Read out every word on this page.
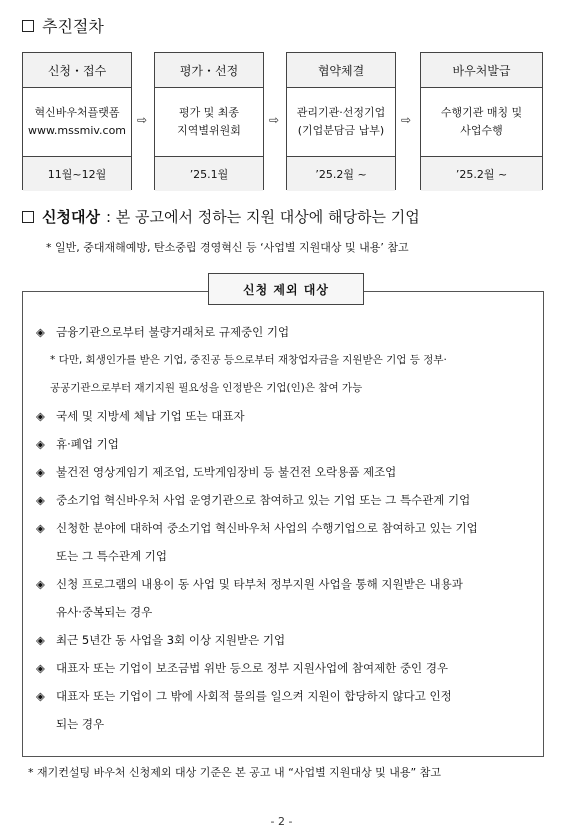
추진절차
신청・접수
혁신바우처플랫폼
www.mssmiv.com
11월~12월
⇨
평가・선정
평가 및 최종
지역별위원회
’25.1월
⇨
협약체결
관리기관·선정기업
(기업분담금 납부)
’25.2월 ~
⇨
바우처발급
수행기관 매칭 및
사업수행
’25.2월 ~
신청대상 : 본 공고에서 정하는 지원 대상에 해당하는 기업
* 일반, 중대재해예방, 탄소중립 경영혁신 등 ‘사업별 지원대상 및 내용’ 참고
신청 제외 대상
◈ 금융기관으로부터 불량거래처로 규제중인 기업
* 다만, 회생인가를 받은 기업, 중진공 등으로부터 재창업자금을 지원받은 기업 등 정부·
공공기관으로부터 재기지원 필요성을 인정받은 기업(인)은 참여 가능
◈ 국세 및 지방세 체납 기업 또는 대표자
◈ 휴·폐업 기업
◈ 불건전 영상게임기 제조업, 도박게임장비 등 불건전 오락용품 제조업
◈ 중소기업 혁신바우처 사업 운영기관으로 참여하고 있는 기업 또는 그 특수관계 기업
◈ 신청한 분야에 대하여 중소기업 혁신바우처 사업의 수행기업으로 참여하고 있는 기업
또는 그 특수관계 기업
◈ 신청 프로그램의 내용이 동 사업 및 타부처 정부지원 사업을 통해 지원받은 내용과
유사·중복되는 경우
◈ 최근 5년간 동 사업을 3회 이상 지원받은 기업
◈ 대표자 또는 기업이 보조금법 위반 등으로 정부 지원사업에 참여제한 중인 경우
◈ 대표자 또는 기업이 그 밖에 사회적 물의를 일으켜 지원이 합당하지 않다고 인정
되는 경우
* 재기컨설팅 바우처 신청제외 대상 기준은 본 공고 내 “사업별 지원대상 및 내용” 참고
- 2 -
